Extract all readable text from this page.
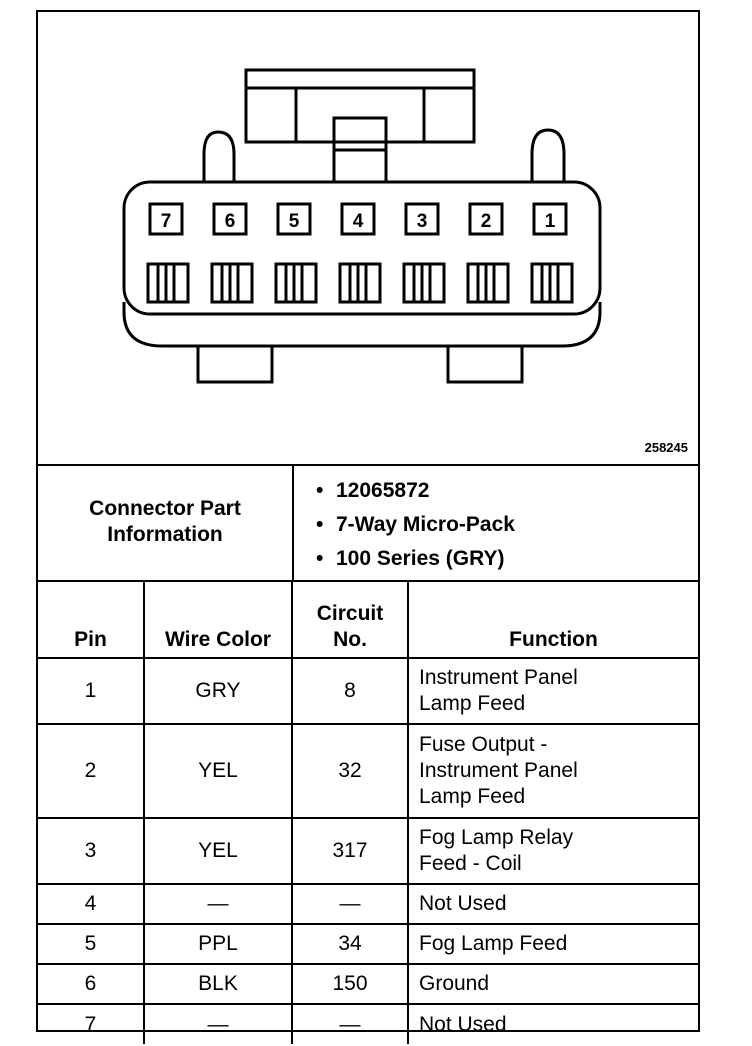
7	6	5	4	3	2	1
258245
Connector Part Information
• 12065872
• 7-Way Micro-Pack
• 100 Series (GRY)
Pin	Wire Color	Circuit No.	Function
1	GRY	8	Instrument Panel Lamp Feed
2	YEL	32	Fuse Output - Instrument Panel Lamp Feed
3	YEL	317	Fog Lamp Relay Feed - Coil
4	—	—	Not Used
5	PPL	34	Fog Lamp Feed
6	BLK	150	Ground
7	—	—	Not Used
